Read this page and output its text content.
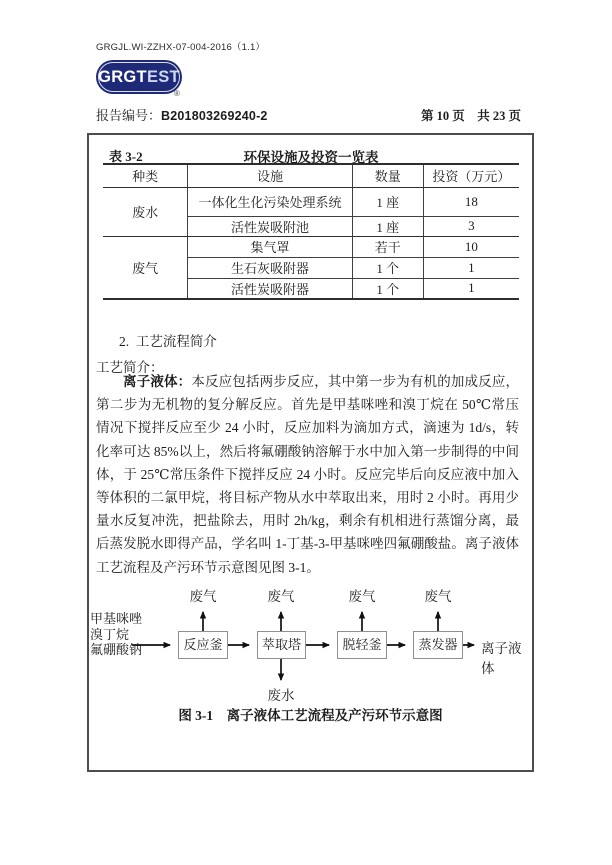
GRGJL.WI-ZZHX-07-004-2016（1.1）
GRGTEST
®
报告编号：B201803269240-2	第 10 页　共 23 页
表 3-2	环保设施及投资一览表
种类	设施	数量	投资（万元）
废水	一体化生化污染处理系统	1 座	18
	活性炭吸附池	1 座	3
废气	集气罩	若干	10
	生石灰吸附器	1 个	1
	活性炭吸附器	1 个	1
2.  工艺流程简介
工艺简介：
离子液体：本反应包括两步反应，其中第一步为有机的加成反应，第二步为无机物的复分解反应。首先是甲基咪唑和溴丁烷在 50℃常压情况下搅拌反应至少 24 小时，反应加料为滴加方式，滴速为 1d/s，转化率可达 85%以上，然后将氟硼酸钠溶解于水中加入第一步制得的中间体，于 25℃常压条件下搅拌反应 24 小时。反应完毕后向反应液中加入等体积的二氯甲烷，将目标产物从水中萃取出来，用时 2 小时。再用少量水反复冲洗，把盐除去，用时 2h/kg，剩余有机相进行蒸馏分离，最后蒸发脱水即得产品，学名叫 1-丁基-3-甲基咪唑四氟硼酸盐。离子液体工艺流程及产污环节示意图见图 3-1。
甲基咪唑
溴丁烷
氟硼酸钠
废气	废气	废气	废气
反应釜	萃取塔	脱轻釜	蒸发器
废水
离子液体
图 3-1　离子液体工艺流程及产污环节示意图
